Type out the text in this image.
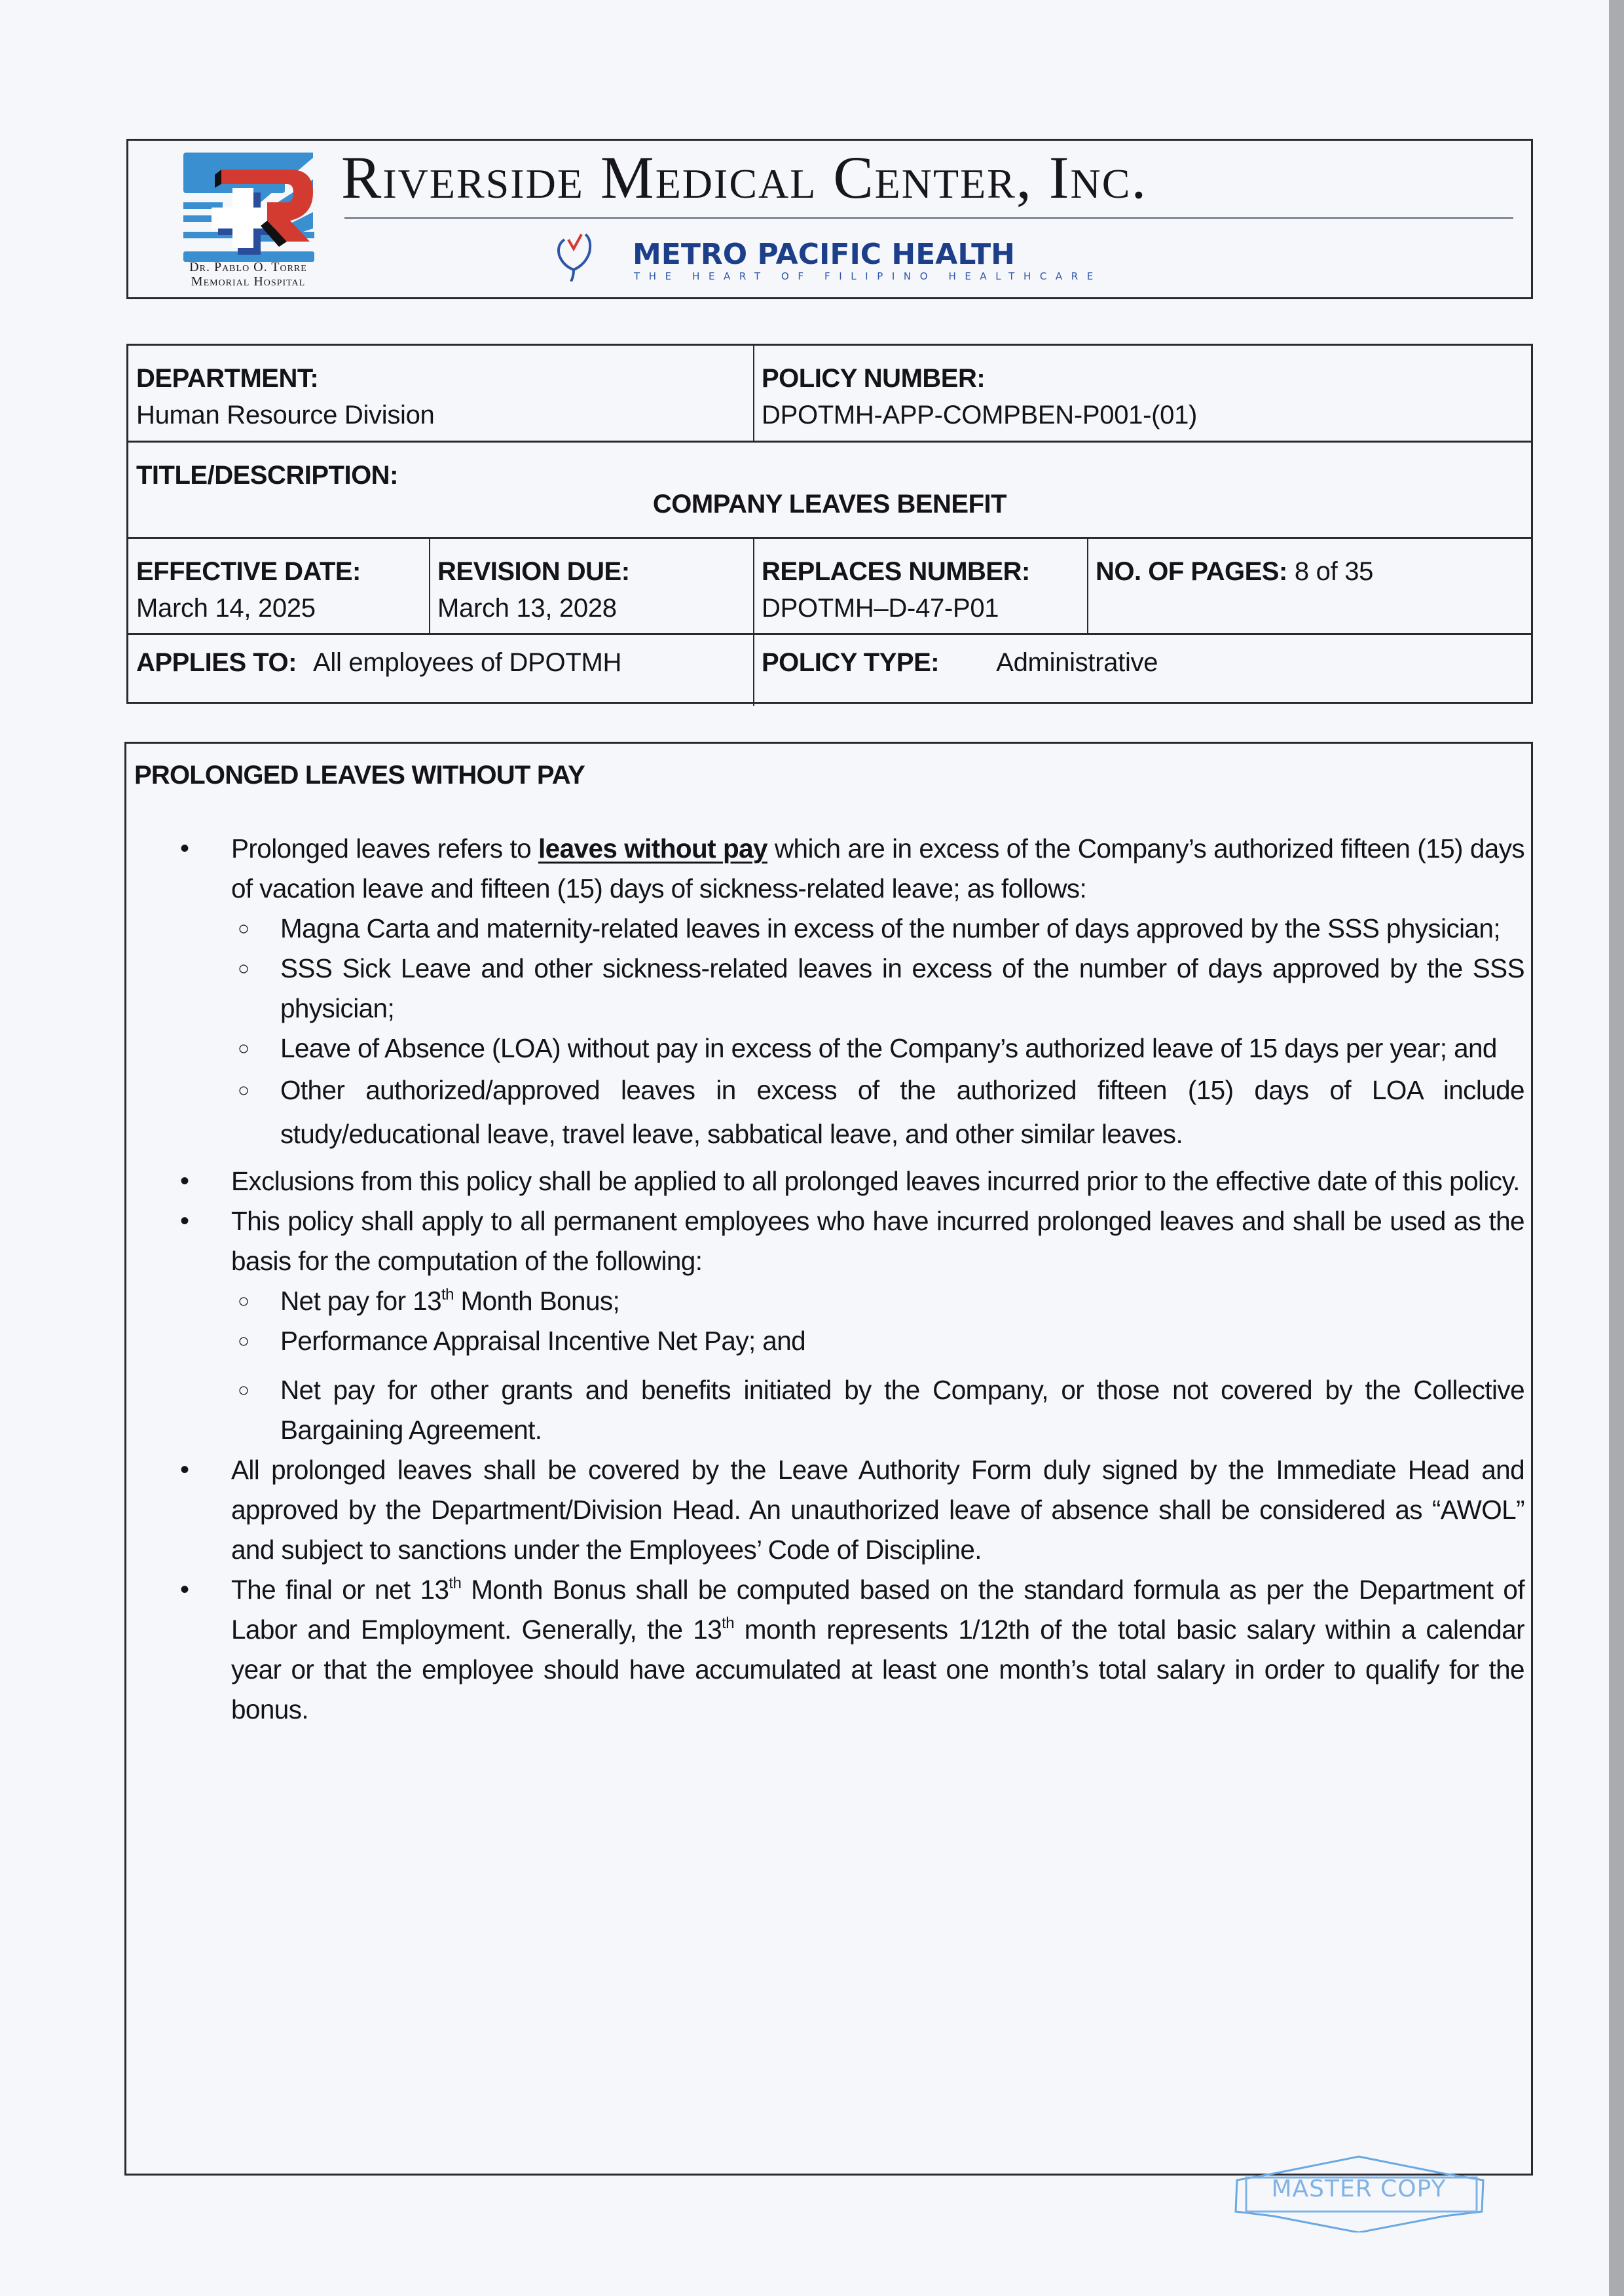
Dr. Pablo O. Torre
Memorial Hospital
Riverside Medical Center, Inc.
METRO PACIFIC HEALTH
THE HEART OF FILIPINO HEALTHCARE
DEPARTMENT:
Human Resource Division
POLICY NUMBER:
DPOTMH-APP-COMPBEN-P001-(01)
TITLE/DESCRIPTION:
COMPANY LEAVES BENEFIT
EFFECTIVE DATE:
March 14, 2025
REVISION DUE:
March 13, 2028
REPLACES NUMBER:
DPOTMH–D-47-P01
NO. OF PAGES: 8 of 35
APPLIES TO: All employees of DPOTMH	POLICY TYPE: Administrative
PROLONGED LEAVES WITHOUT PAY
• Prolonged leaves refers to leaves without pay which are in excess of the Company’s authorized fifteen (15) days of vacation leave and fifteen (15) days of sickness-related leave; as follows:
○ Magna Carta and maternity-related leaves in excess of the number of days approved by the SSS physician;
○ SSS Sick Leave and other sickness-related leaves in excess of the number of days approved by the SSS physician;
○ Leave of Absence (LOA) without pay in excess of the Company’s authorized leave of 15 days per year; and
○ Other authorized/approved leaves in excess of the authorized fifteen (15) days of LOA include study/educational leave, travel leave, sabbatical leave, and other similar leaves.
• Exclusions from this policy shall be applied to all prolonged leaves incurred prior to the effective date of this policy.
• This policy shall apply to all permanent employees who have incurred prolonged leaves and shall be used as the basis for the computation of the following:
○ Net pay for 13th Month Bonus;
○ Performance Appraisal Incentive Net Pay; and
○ Net pay for other grants and benefits initiated by the Company, or those not covered by the Collective Bargaining Agreement.
• All prolonged leaves shall be covered by the Leave Authority Form duly signed by the Immediate Head and approved by the Department/Division Head. An unauthorized leave of absence shall be considered as “AWOL” and subject to sanctions under the Employees’ Code of Discipline.
• The final or net 13th Month Bonus shall be computed based on the standard formula as per the Department of Labor and Employment. Generally, the 13th month represents 1/12th of the total basic salary within a calendar year or that the employee should have accumulated at least one month’s total salary in order to qualify for the bonus.
MASTER COPY
